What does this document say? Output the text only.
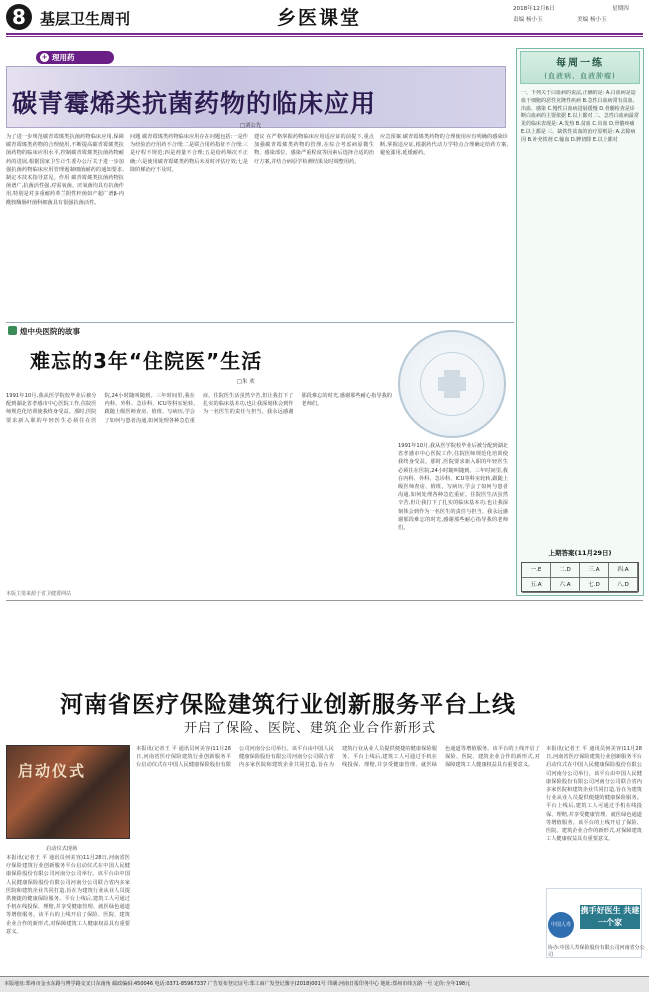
8 基层卫生周刊	乡医课堂	2018年12月6日	星期四
责编 杨小玉	美编 杨小玉
理用药
+
碳青霉烯类抗菌药物的临床应用
□刘公先
为了进一步规范碳青霉烯类抗菌药物临床应用,保障碳青霉烯类药物的合理使用,不断提高碳青霉烯类抗菌药物的临床应用水平,控制碳青霉烯类抗菌药物耐药的进展,根据国家卫生计生委办公厅关于进一步加强抗菌药物临床应用管理遏制细菌耐药的通知要求,制定本技术指导意见。作用 碳青霉烯类抗菌药物抗菌谱广,抗菌活性强,对需氧菌、厌氧菌均具有抗菌作用,特别是对多重耐药革兰阴性杆菌如产超广谱β-内酰胺酶肠杆菌科细菌具有很强抗菌活性。
问题 碳青霉烯类药物临床应用存在问题包括:一是作为经验治疗用药不合理;二是联合用药指征不合理;三是疗程不规范;四是剂量不合理;五是给药频次不正确;六是使用碳青霉烯类药物后未及时评估疗效;七是降阶梯治疗不及时。
建议 在严格掌握药物临床应用适应证的前提下,重点加强碳青霉烯类药物的管理,在综合考虑病原微生物、感染部位、感染严重程度等因素后选择合适的治疗方案,并结合病原学检测结果及时调整用药。
应急预案:碳青霉烯类药物的合理使用应有明确的感染诊断,掌握适应证,根据药代动力学特点合理确定给药方案,避免滥用,延缓耐药。
每周一练
(血液病、血液肿瘤)
一、下列关于白血病的说法,正确的是: A.白血病是造血干细胞的恶性克隆性疾病 B.急性白血病常有贫血、出血、感染 C.慢性白血病进展缓慢 D.骨髓检查是诊断白血病的主要依据 E.以上都对 二、急性白血病最常见的临床表现是: A.发热 B.贫血 C.出血 D.骨骼疼痛 E.以上都是 三、缺铁性贫血的治疗原则是: A.去除病因 B.补充铁剂 C.输血 D.脾切除 E.以上都对
上期答案(11月29日)
一.E	二.D	三.A	四.A
五.A	六.A	七.D	八.D
煌中央医院的故事
难忘的3年“住院医”生活
□朱 欢
1991年10月,我从医学院校毕业后被分配到湖北省孝感市中心医院工作,住院医师规范化培训使我终身受益。那时,医院要求新入职的年轻医生必须住在医院,24小时随叫随到。三年时间里,我在内科、外科、急诊科、ICU等科室轮转,跟随上级医师查房、值班、写病历,学会了如何与患者沟通,如何处理各种急危重症。住院医生活虽然辛苦,但让我打下了扎实的临床基本功,也让我深刻体会到作为一名医生的责任与担当。我永远感谢那段难忘的时光,感谢那些耐心指导我的老师们。
1991年10月,我从医学院校毕业后被分配到湖北省孝感市中心医院工作,住院医师规范化培训使我终身受益。那时,医院要求新入职的年轻医生必须住在医院,24小时随叫随到。三年时间里,我在内科、外科、急诊科、ICU等科室轮转,跟随上级医师查房、值班、写病历,学会了如何与患者沟通,如何处理各种急危重症。住院医生活虽然辛苦,但让我打下了扎实的临床基本功,也让我深刻体会到作为一名医生的责任与担当。我永远感谢那段难忘的时光,感谢那些耐心指导我的老师们。
本版主要来源于省卫健委网站
河南省医疗保险建筑行业创新服务平台上线
开启了保险、医院、建筑企业合作新形式
启动仪式
启动仪式现场
本报讯(记者王 平 通讯员何美容)11月28日,河南省医疗保险建筑行业创新服务平台启动仪式在中国人民健康保险股份有限公司河南分公司举行。该平台由中国人民健康保险股份有限公司河南分公司联合省内多家医院和建筑企业共同打造,旨在为建筑行业从业人员提供便捷的健康保险服务。平台上线后,建筑工人可通过手机在线投保、理赔,并享受健康管理、就医绿色通道等增值服务。该平台的上线开启了保险、医院、建筑企业合作的新形式,对保障建筑工人健康权益具有重要意义。
本报讯(记者王 平 通讯员何美容)11月28日,河南省医疗保险建筑行业创新服务平台启动仪式在中国人民健康保险股份有限公司河南分公司举行。该平台由中国人民健康保险股份有限公司河南分公司联合省内多家医院和建筑企业共同打造,旨在为建筑行业从业人员提供便捷的健康保险服务。平台上线后,建筑工人可通过手机在线投保、理赔,并享受健康管理、就医绿色通道等增值服务。该平台的上线开启了保险、医院、建筑企业合作的新形式,对保障建筑工人健康权益具有重要意义。
本报讯(记者王 平 通讯员何美容)11月28日,河南省医疗保险建筑行业创新服务平台启动仪式在中国人民健康保险股份有限公司河南分公司举行。该平台由中国人民健康保险股份有限公司河南分公司联合省内多家医院和建筑企业共同打造,旨在为建筑行业从业人员提供便捷的健康保险服务。平台上线后,建筑工人可通过手机在线投保、理赔,并享受健康管理、就医绿色通道等增值服务。该平台的上线开启了保险、医院、建筑企业合作的新形式,对保障建筑工人健康权益具有重要意义。
中国人寿
携手好医生 共建一个家
协办:中国人寿保险股份有限公司河南省分公司
本版地址:郑州市金水东路与博学路交叉口东南角 邮政编码:450046 电话:0371-85967337 广告发布登记证号:郑工商广发登记豫字(2018)001号 印刷:河南日报印务中心 地址:郑州市纬五路一号 定价:全年198元
